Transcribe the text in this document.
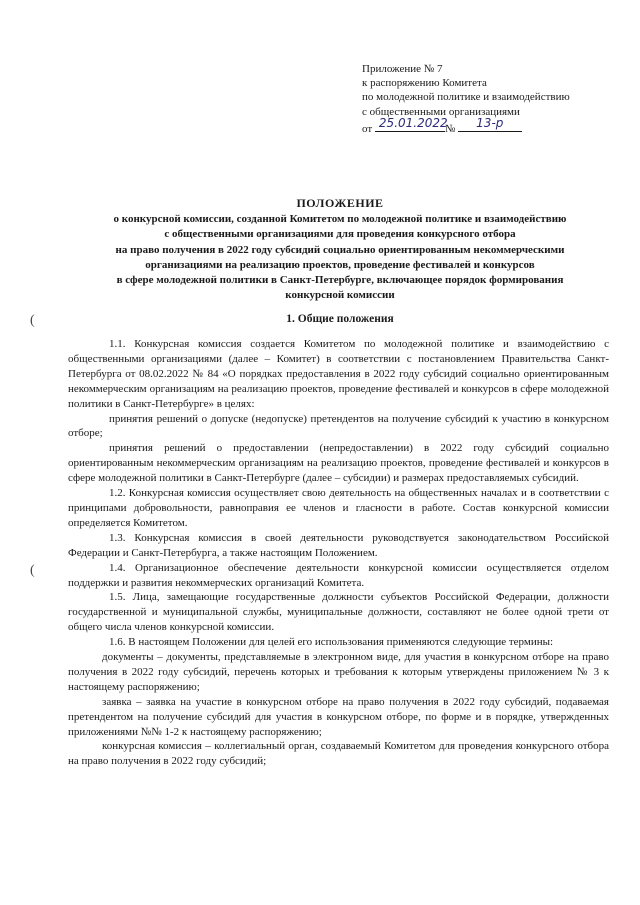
Приложение № 7
к распоряжению Комитета
по молодежной политике и взаимодействию
с общественными организациями
от 25.01.2022
№ 13-р
ПОЛОЖЕНИЕ
о конкурсной комиссии, созданной Комитетом по молодежной политике и взаимодействию
с общественными организациями для проведения конкурсного отбора
на право получения в 2022 году субсидий социально ориентированным некоммерческими
организациями на реализацию проектов, проведение фестивалей и конкурсов
в сфере молодежной политики в Санкт-Петербурге, включающее порядок формирования
конкурсной комиссии
(
(
1. Общие положения

1.1. Конкурсная комиссия создается Комитетом по молодежной политике и взаимодействию с общественными организациями (далее – Комитет) в соответствии с постановлением Правительства Санкт-Петербурга от 08.02.2022 № 84 «О порядках предоставления в 2022 году субсидий социально ориентированным некоммерческим организациям на реализацию проектов, проведение фестивалей и конкурсов в сфере молодежной политики в Санкт-Петербурге» в целях:

принятия решений о допуске (недопуске) претендентов на получение субсидий к участию в конкурсном отборе;

принятия решений о предоставлении (непредоставлении) в 2022 году субсидий социально ориентированным некоммерческим организациям на реализацию проектов, проведение фестивалей и конкурсов в сфере молодежной политики в Санкт-Петербурге (далее – субсидии) и размерах предоставляемых субсидий.

1.2. Конкурсная комиссия осуществляет свою деятельность на общественных началах и в соответствии с принципами добровольности, равноправия ее членов и гласности в работе. Состав конкурсной комиссии определяется Комитетом.

1.3. Конкурсная комиссия в своей деятельности руководствуется законодательством Российской Федерации и Санкт-Петербурга, а также настоящим Положением.

1.4. Организационное обеспечение деятельности конкурсной комиссии осуществляется отделом поддержки и развития некоммерческих организаций Комитета.

1.5. Лица, замещающие государственные должности субъектов Российской Федерации, должности государственной и муниципальной службы, муниципальные должности, составляют не более одной трети от общего числа членов конкурсной комиссии.

1.6. В настоящем Положении для целей его использования применяются следующие термины:

документы – документы, представляемые в электронном виде, для участия в конкурсном отборе на право получения в 2022 году субсидий, перечень которых и требования к которым утверждены приложением № 3 к настоящему распоряжению;

заявка – заявка на участие в конкурсном отборе на право получения в 2022 году субсидий, подаваемая претендентом на получение субсидий для участия в конкурсном отборе, по форме и в порядке, утвержденных приложениями №№ 1-2 к настоящему распоряжению;

конкурсная комиссия – коллегиальный орган, создаваемый Комитетом для проведения конкурсного отбора на право получения в 2022 году субсидий;
